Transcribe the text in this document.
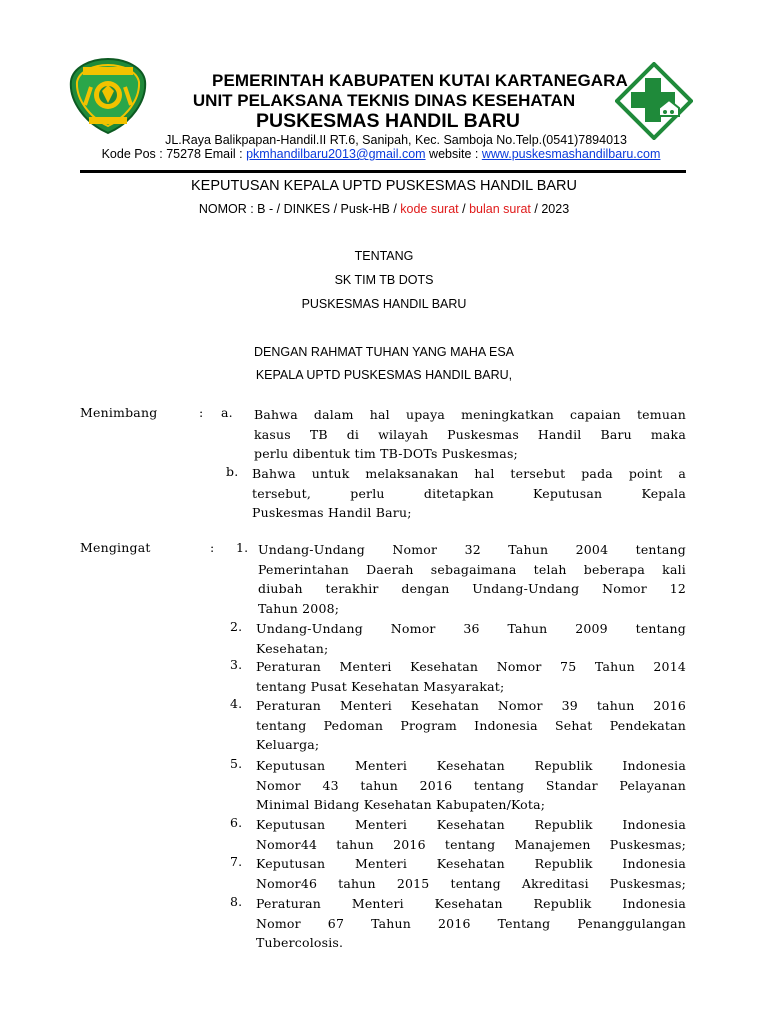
PEMERINTAH KABUPATEN KUTAI KARTANEGARA
UNIT PELAKSANA TEKNIS DINAS KESEHATAN
PUSKESMAS HANDIL BARU
JL.Raya Balikpapan-Handil.II RT.6, Sanipah, Kec. Samboja No.Telp.(0541)7894013
Kode Pos : 75278 Email : pkmhandilbaru2013@gmail.com website : www.puskesmashandilbaru.com
KEPUTUSAN KEPALA UPTD PUSKESMAS HANDIL BARU
NOMOR : B - / DINKES / Pusk-HB / kode surat / bulan surat / 2023
TENTANG
SK TIM TB DOTS
PUSKESMAS HANDIL BARU
DENGAN RAHMAT TUHAN YANG MAHA ESA
KEPALA UPTD PUSKESMAS HANDIL BARU,
Menimbang	: a. Bahwa dalam hal upaya meningkatkan capaian temuan
kasus TB di wilayah Puskesmas Handil Baru maka
perlu dibentuk tim TB-DOTs Puskesmas;
b. Bahwa untuk melaksanakan hal tersebut pada point a
tersebut, perlu ditetapkan Keputusan Kepala
Puskesmas Handil Baru;
Mengingat	: 1. Undang-Undang Nomor 32 Tahun 2004 tentang
Pemerintahan Daerah sebagaimana telah beberapa kali
diubah terakhir dengan Undang-Undang Nomor 12
Tahun 2008;
2. Undang-Undang Nomor 36 Tahun 2009 tentang
Kesehatan;
3. Peraturan Menteri Kesehatan Nomor 75 Tahun 2014
tentang Pusat Kesehatan Masyarakat;
4. Peraturan Menteri Kesehatan Nomor 39 tahun 2016
tentang Pedoman Program Indonesia Sehat Pendekatan
Keluarga;
5. Keputusan Menteri Kesehatan Republik Indonesia
Nomor 43 tahun 2016 tentang Standar Pelayanan
Minimal Bidang Kesehatan Kabupaten/Kota;
6. Keputusan Menteri Kesehatan Republik Indonesia
Nomor44 tahun 2016 tentang Manajemen Puskesmas;
7. Keputusan Menteri Kesehatan Republik Indonesia
Nomor46 tahun 2015 tentang Akreditasi Puskesmas;
8. Peraturan Menteri Kesehatan Republik Indonesia
Nomor 67 Tahun 2016 Tentang Penanggulangan
Tubercolosis.
